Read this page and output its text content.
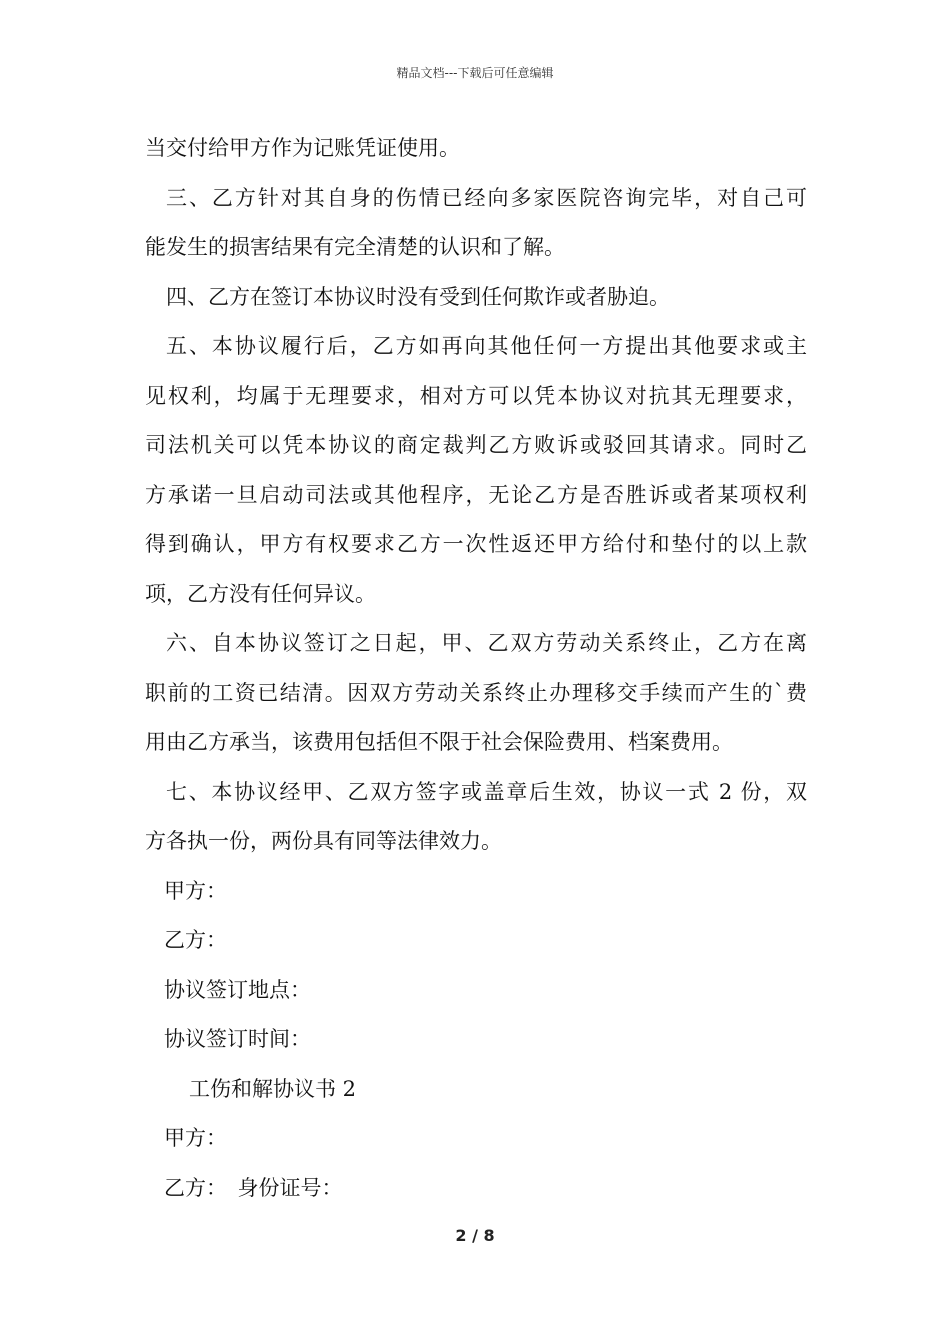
精品文档---下载后可任意编辑
当交付给甲方作为记账凭证使用。
三、乙方针对其自身的伤情已经向多家医院咨询完毕，对自己可
能发生的损害结果有完全清楚的认识和了解。
四、乙方在签订本协议时没有受到任何欺诈或者胁迫。
五、本协议履行后，乙方如再向其他任何一方提出其他要求或主
见权利，均属于无理要求，相对方可以凭本协议对抗其无理要求，
司法机关可以凭本协议的商定裁判乙方败诉或驳回其请求。同时乙
方承诺一旦启动司法或其他程序，无论乙方是否胜诉或者某项权利
得到确认，甲方有权要求乙方一次性返还甲方给付和垫付的以上款
项，乙方没有任何异议。
六、自本协议签订之日起，甲、乙双方劳动关系终止，乙方在离
职前的工资已结清。因双方劳动关系终止办理移交手续而产生的`费
用由乙方承当，该费用包括但不限于社会保险费用、档案费用。
七、本协议经甲、乙双方签字或盖章后生效，协议一式 2 份，双
方各执一份，两份具有同等法律效力。
甲方：
乙方：
协议签订地点：
协议签订时间：
工伤和解协议书 2
甲方：
乙方：　身份证号：
2 / 8
